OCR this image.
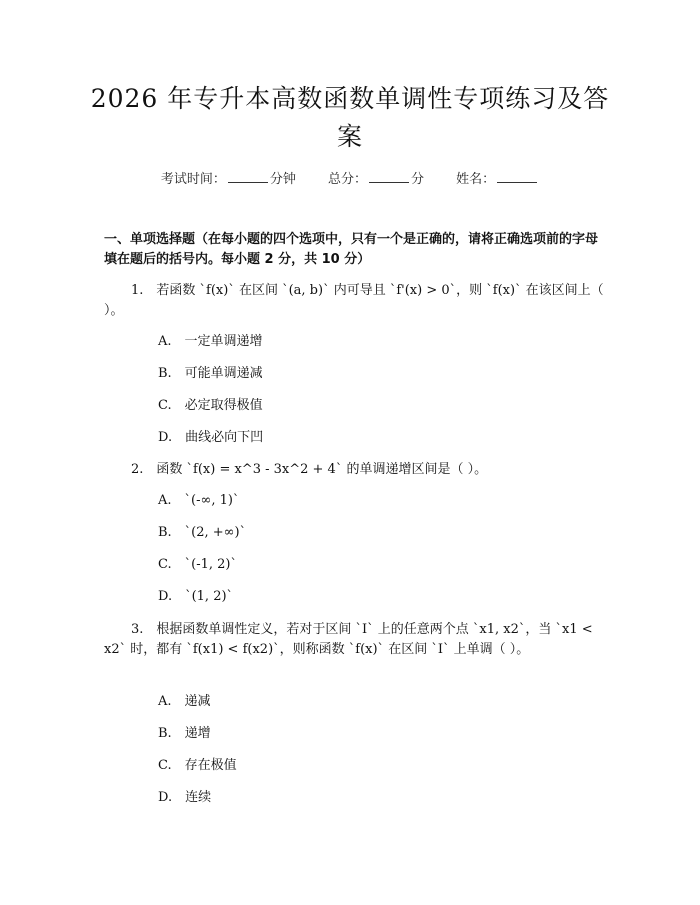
2026 年专升本高数函数单调性专项练习及答案
考试时间：	分钟 总分：	分 姓名：
一、单项选择题（在每小题的四个选项中，只有一个是正确的，请将正确选项前的字母填在题后的括号内。每小题 2 分，共 10 分）

1.　若函数 `f(x)` 在区间 `(a, b)` 内可导且 `f'(x) > 0`，则 `f(x)` 在该区间上（ ）。

A.　一定单调递增
B.　可能单调递减
C.　必定取得极值
D.　曲线必向下凹

2.　函数 `f(x) = x^3 - 3x^2 + 4` 的单调递增区间是（ ）。

A.　`(-∞, 1)`
B.　`(2, +∞)`
C.　`(-1, 2)`
D.　`(1, 2)`

3.　根据函数单调性定义，若对于区间 `I` 上的任意两个点 `x1, x2`，当 `x1 < x2` 时，都有 `f(x1) < f(x2)`，则称函数 `f(x)` 在区间 `I` 上单调（ ）。

A.　递减
B.　递增
C.　存在极值
D.　连续
